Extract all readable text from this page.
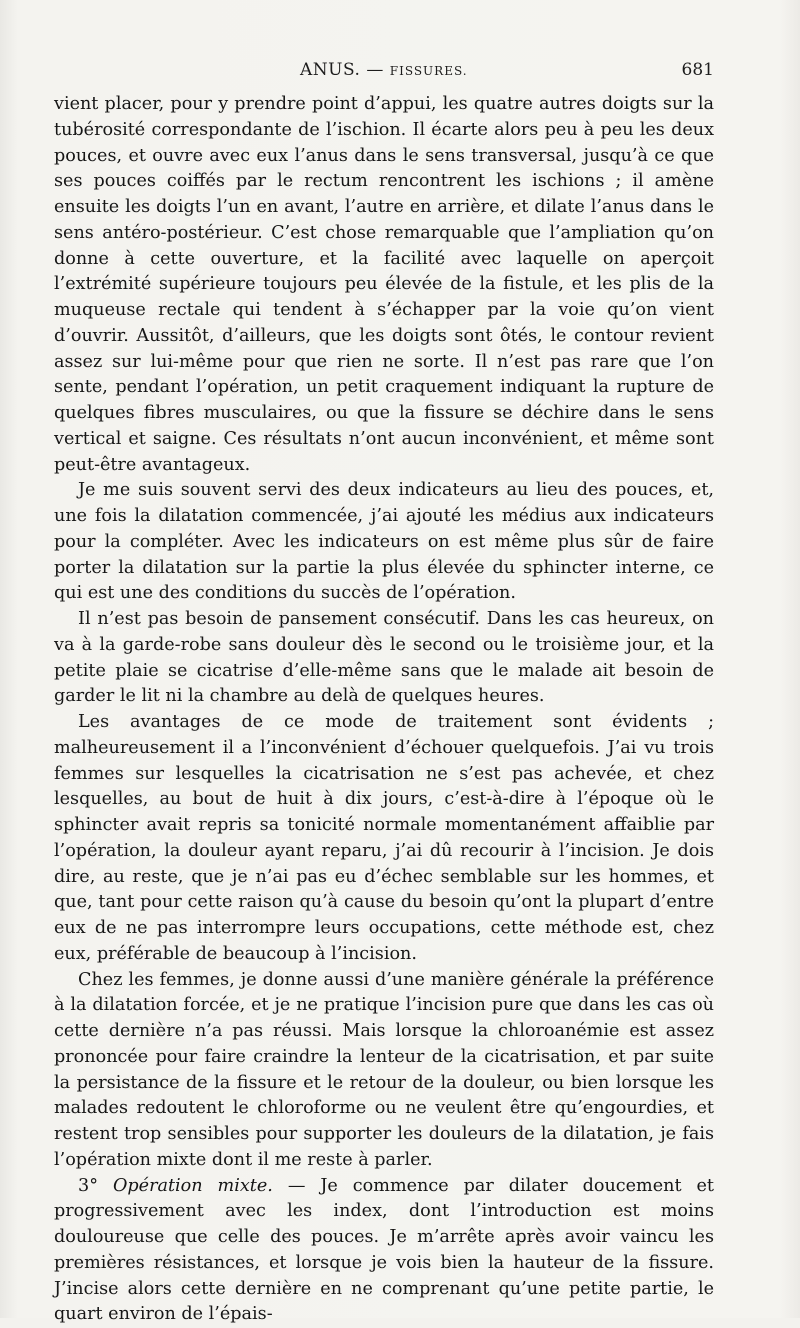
ANUS. — FISSURES.	681

vient placer, pour y prendre point d’appui, les quatre autres doigts sur la tubérosité correspondante de l’ischion. Il écarte alors peu à peu les deux pouces, et ouvre avec eux l’anus dans le sens transversal, jusqu’à ce que ses pouces coiffés par le rectum rencontrent les ischions ; il amène ensuite les doigts l’un en avant, l’autre en arrière, et dilate l’anus dans le sens antéro-postérieur. C’est chose remarquable que l’ampliation qu’on donne à cette ouverture, et la facilité avec laquelle on aperçoit l’extrémité supérieure toujours peu élevée de la fistule, et les plis de la muqueuse rectale qui tendent à s’échapper par la voie qu’on vient d’ouvrir. Aussitôt, d’ailleurs, que les doigts sont ôtés, le contour revient assez sur lui-même pour que rien ne sorte. Il n’est pas rare que l’on sente, pendant l’opération, un petit craquement indiquant la rupture de quelques fibres musculaires, ou que la fissure se déchire dans le sens vertical et saigne. Ces résultats n’ont aucun inconvénient, et même sont peut-être avantageux.

Je me suis souvent servi des deux indicateurs au lieu des pouces, et, une fois la dilatation commencée, j’ai ajouté les médius aux indicateurs pour la compléter. Avec les indicateurs on est même plus sûr de faire porter la dilatation sur la partie la plus élevée du sphincter interne, ce qui est une des conditions du succès de l’opération.

Il n’est pas besoin de pansement consécutif. Dans les cas heureux, on va à la garde-robe sans douleur dès le second ou le troisième jour, et la petite plaie se cicatrise d’elle-même sans que le malade ait besoin de garder le lit ni la chambre au delà de quelques heures.

Les avantages de ce mode de traitement sont évidents ; malheureusement il a l’inconvénient d’échouer quelquefois. J’ai vu trois femmes sur lesquelles la cicatrisation ne s’est pas achevée, et chez lesquelles, au bout de huit à dix jours, c’est-à-dire à l’époque où le sphincter avait repris sa tonicité normale momentanément affaiblie par l’opération, la douleur ayant reparu, j’ai dû recourir à l’incision. Je dois dire, au reste, que je n’ai pas eu d’échec semblable sur les hommes, et que, tant pour cette raison qu’à cause du besoin qu’ont la plupart d’entre eux de ne pas interrompre leurs occupations, cette méthode est, chez eux, préférable de beaucoup à l’incision.

Chez les femmes, je donne aussi d’une manière générale la préférence à la dilatation forcée, et je ne pratique l’incision pure que dans les cas où cette dernière n’a pas réussi. Mais lorsque la chloroanémie est assez prononcée pour faire craindre la lenteur de la cicatrisation, et par suite la persistance de la fissure et le retour de la douleur, ou bien lorsque les malades redoutent le chloroforme ou ne veulent être qu’engourdies, et restent trop sensibles pour supporter les douleurs de la dilatation, je fais l’opération mixte dont il me reste à parler.

3° Opération mixte. — Je commence par dilater doucement et progressivement avec les index, dont l’introduction est moins douloureuse que celle des pouces. Je m’arrête après avoir vaincu les premières résistances, et lorsque je vois bien la hauteur de la fissure. J’incise alors cette dernière en ne comprenant qu’une petite partie, le quart environ de l’épais-
